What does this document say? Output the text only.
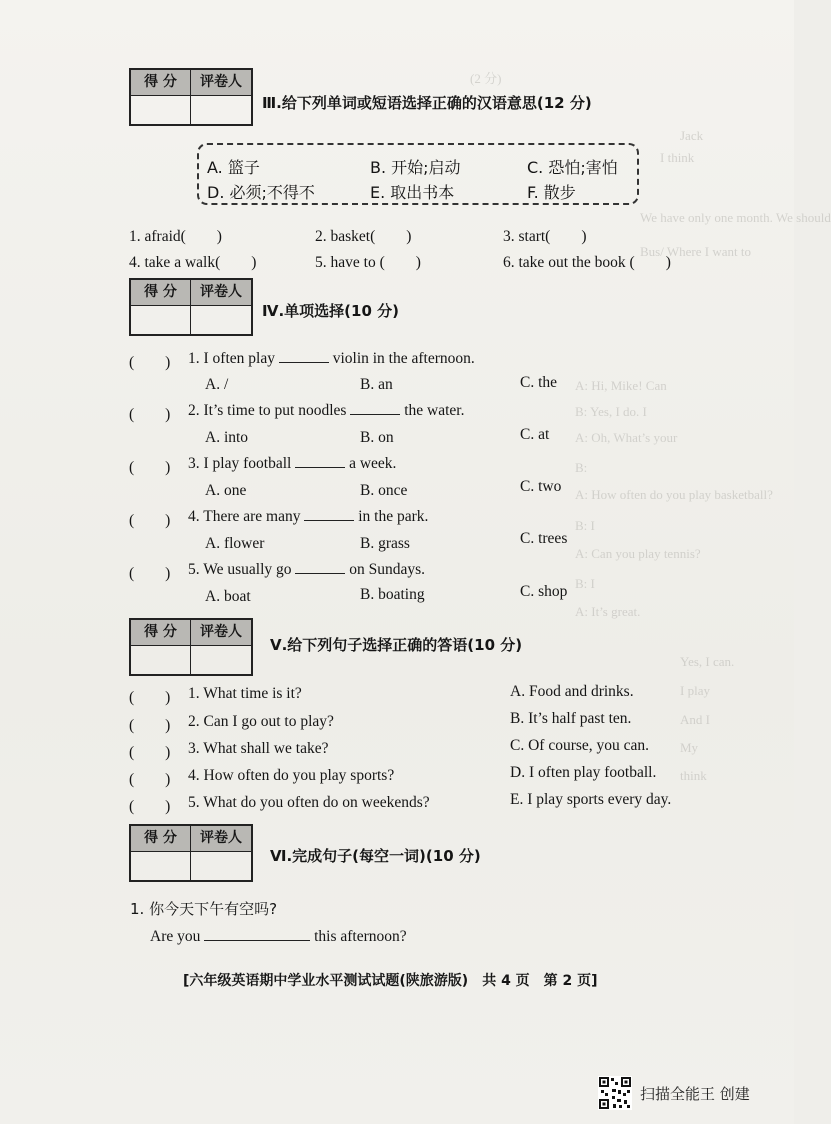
(2 分)
I think
Jack
We have only one month. We should
Bus/ Where I want to
A: Hi, Mike! Can
B: Yes, I do. I
A: Oh, What’s your
B:
A: How often do you play basketball?
B: I
A: Can you play tennis?
B: I
A: It’s great.
Yes, I can.
I play
And I
My
think
得 分	评卷人
Ⅲ.给下列单词或短语选择正确的汉语意思(12 分)
A. 篮子	B. 开始;启动	C. 恐怕;害怕
D. 必须;不得不	E. 取出书本	F. 散步
1. afraid(　　)	2. basket(　　)	3. start(　　)
4. take a walk(　　)	5. have to (　　)	6. take out the book (　　)
得 分	评卷人
Ⅳ.单项选择(10 分)
(　　) 1. I often play	violin in the afternoon.
A. /	B. an	C. the
(　　) 2. It’s time to put noodles	the water.
A. into	B. on	C. at
(　　) 3. I play football	a week.
A. one	B. once	C. two
(　　) 4. There are many	in the park.
A. flower	B. grass	C. trees
(　　) 5. We usually go	on Sundays.
A. boat	B. boating	C. shop
得 分	评卷人
Ⅴ.给下列句子选择正确的答语(10 分)
(　　) 1. What time is it?	A. Food and drinks.
(　　) 2. Can I go out to play?	B. It’s half past ten.
(　　) 3. What shall we take?	C. Of course, you can.
(　　) 4. How often do you play sports?	D. I often play football.
(　　) 5. What do you often do on weekends?	E. I play sports every day.
得 分	评卷人
Ⅵ.完成句子(每空一词)(10 分)
1. 你今天下午有空吗?
Are you	this afternoon?
[六年级英语期中学业水平测试试题(陕旅游版)　共 4 页　第 2 页]
扫描全能王 创建
